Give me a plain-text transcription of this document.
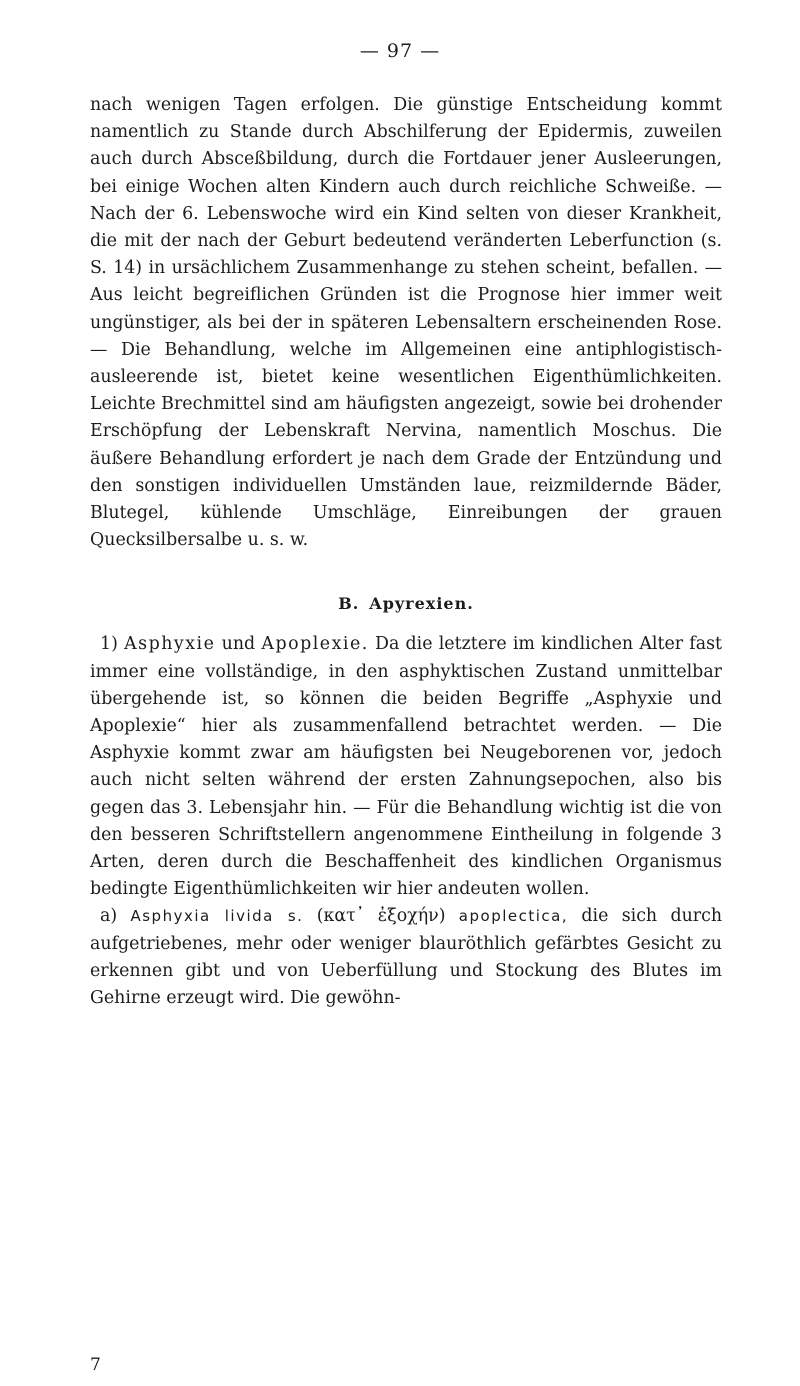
— 97 —

nach wenigen Tagen erfolgen. Die günstige Entscheidung kommt namentlich zu Stande durch Abschilferung der Epidermis, zuweilen auch durch Absceßbildung, durch die Fortdauer jener Ausleerungen, bei einige Wochen alten Kindern auch durch reichliche Schweiße. — Nach der 6. Lebenswoche wird ein Kind selten von dieser Krankheit, die mit der nach der Geburt bedeutend veränderten Leberfunction (s. S. 14) in ursächlichem Zusammenhange zu stehen scheint, befallen. — Aus leicht begreiflichen Gründen ist die Prognose hier immer weit ungünstiger, als bei der in späteren Lebensaltern erscheinenden Rose. — Die Behandlung, welche im Allgemeinen eine antiphlogistisch-ausleerende ist, bietet keine wesentlichen Eigenthümlichkeiten. Leichte Brechmittel sind am häufigsten angezeigt, sowie bei drohender Erschöpfung der Lebenskraft Nervina, namentlich Moschus. Die äußere Behandlung erfordert je nach dem Grade der Entzündung und den sonstigen individuellen Umständen laue, reizmildernde Bäder, Blutegel, kühlende Umschläge, Einreibungen der grauen Quecksilbersalbe u. s. w.

B. Apyrexien.

1) Asphyxie und Apoplexie. Da die letztere im kindlichen Alter fast immer eine vollständige, in den asphyktischen Zustand unmittelbar übergehende ist, so können die beiden Begriffe „Asphyxie und Apoplexie“ hier als zusammenfallend betrachtet werden. — Die Asphyxie kommt zwar am häufigsten bei Neugeborenen vor, jedoch auch nicht selten während der ersten Zahnungsepochen, also bis gegen das 3. Lebensjahr hin. — Für die Behandlung wichtig ist die von den besseren Schriftstellern angenommene Eintheilung in folgende 3 Arten, deren durch die Beschaffenheit des kindlichen Organismus bedingte Eigenthümlichkeiten wir hier andeuten wollen.

a) Asphyxia livida s. (κατ᾽ ἐξοχήν) apoplectica, die sich durch aufgetriebenes, mehr oder weniger blauröthlich gefärbtes Gesicht zu erkennen gibt und von Ueberfüllung und Stockung des Blutes im Gehirne erzeugt wird. Die gewöhn-

7
